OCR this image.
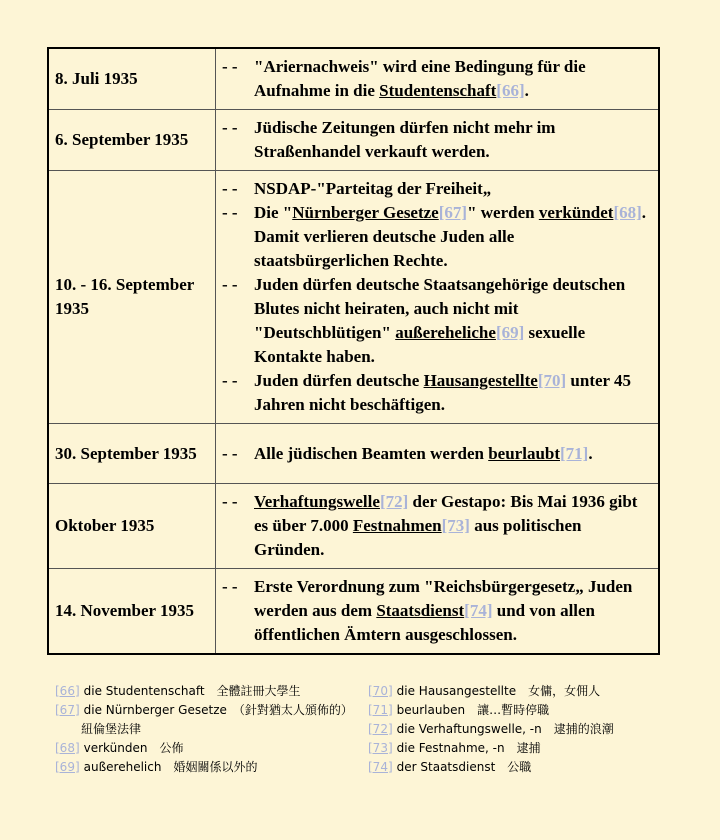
8. Juli 1935	- - "Ariernachweis" wird eine Bedingung für die Aufnahme in die Studentenschaft[66].

6. September 1935	- - Jüdische Zeitungen dürfen nicht mehr im Straßenhandel verkauft werden.

10. - 16. September 1935	- - NSDAP-"Parteitag der Freiheit„
- - Die "Nürnberger Gesetze[67]" werden verkündet[68]. Damit verlieren deutsche Juden alle staatsbürgerlichen Rechte.
- - Juden dürfen deutsche Staatsangehörige deutschen Blutes nicht heiraten, auch nicht mit "Deutschblütigen" außereheliche[69] sexuelle Kontakte haben.
- - Juden dürfen deutsche Hausangestellte[70] unter 45 Jahren nicht beschäftigen.

30. September 1935	- - Alle jüdischen Beamten werden beurlaubt[71].

Oktober 1935	- - Verhaftungswelle[72] der Gestapo: Bis Mai 1936 gibt es über 7.000 Festnahmen[73] aus politischen Gründen.

14. November 1935	- - Erste Verordnung zum "Reichsbürgergesetz„ Juden werden aus dem Staatsdienst[74] und von allen öffentlichen Ämtern ausgeschlossen.
[66] die Studentenschaft　全體註冊大學生
[67] die Nürnberger Gesetze　（針對猶太人頒佈的）紐倫堡法律
[68] verkünden　公佈
[69] außerehelich　婚姻關係以外的
[70] die Hausangestellte　女傭，女佣人
[71] beurlauben　讓…暫時停職
[72] die Verhaftungswelle, -n　逮捕的浪潮
[73] die Festnahme, -n　逮捕
[74] der Staatsdienst　公職
